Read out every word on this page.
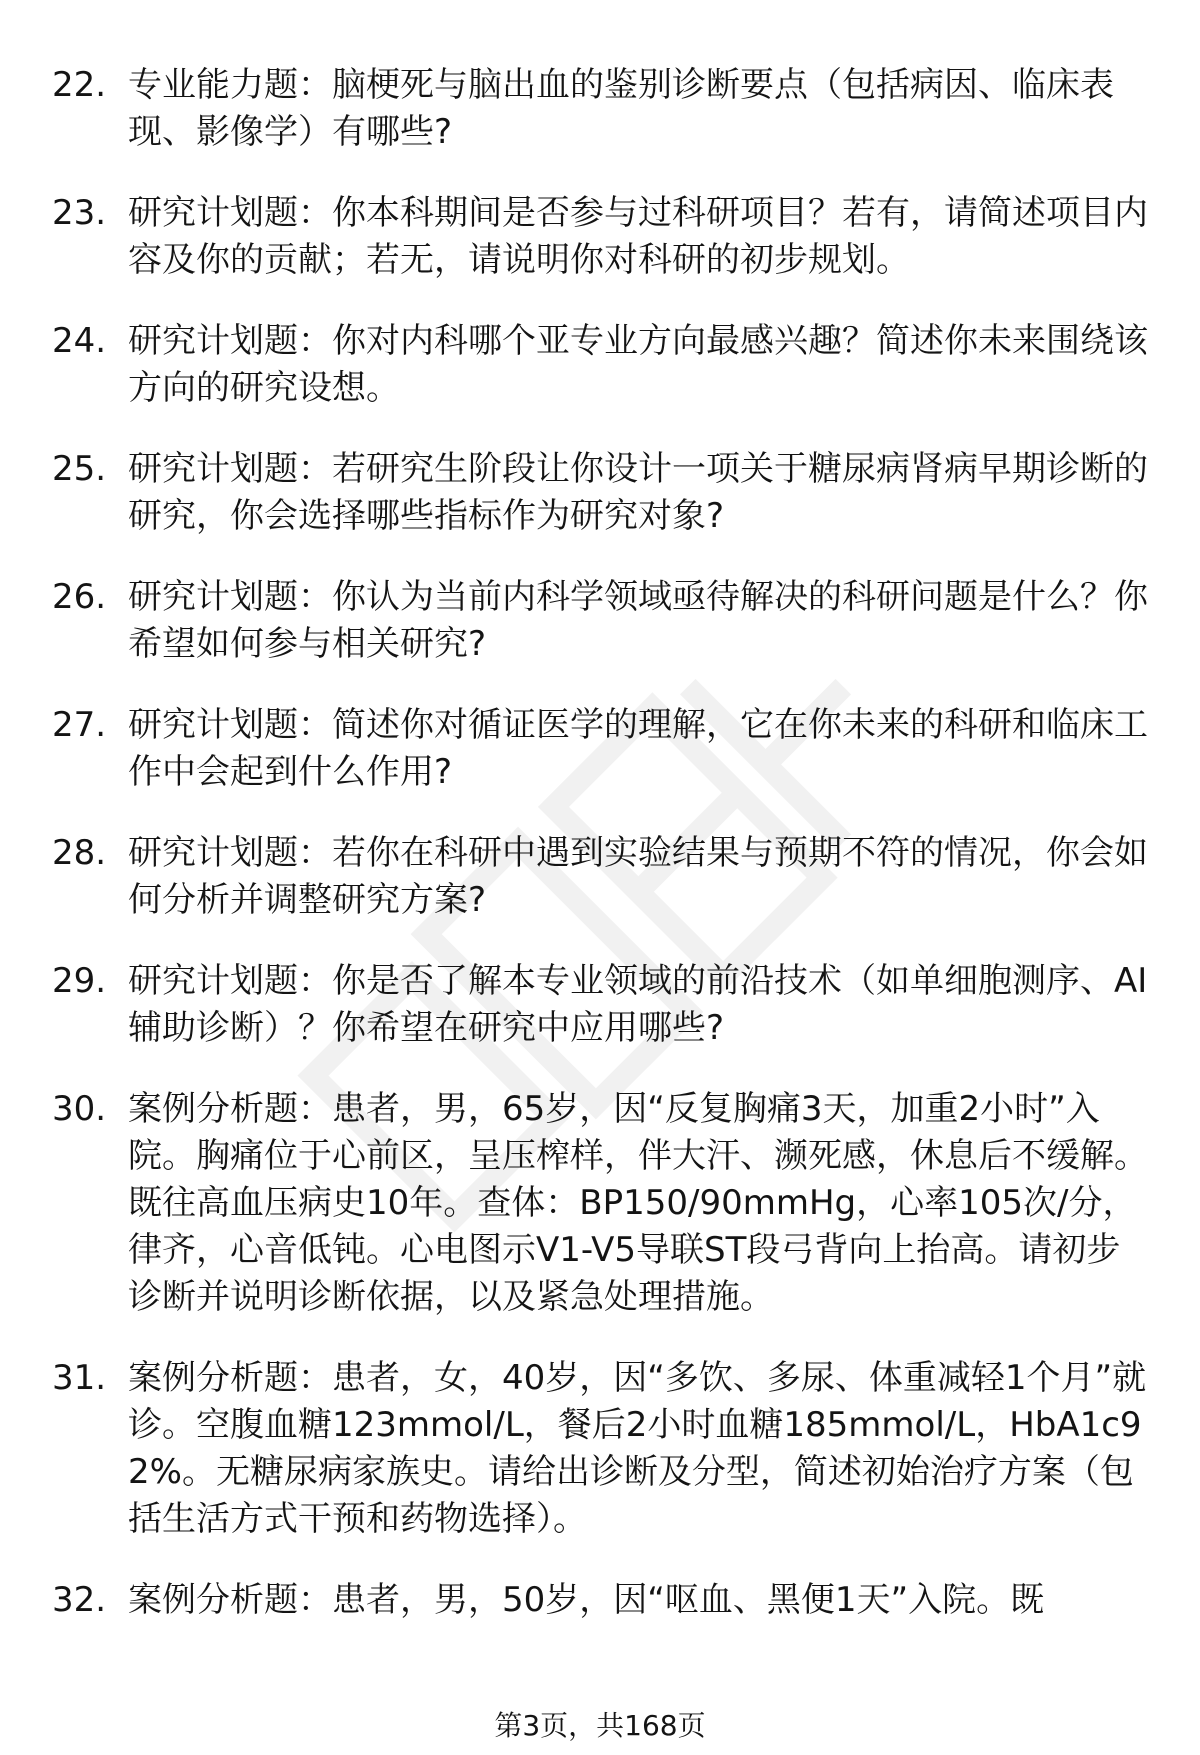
22. 专业能力题：脑梗死与脑出血的鉴别诊断要点（包括病因、临床表现、影像学）有哪些?
23. 研究计划题：你本科期间是否参与过科研项目？若有，请简述项目内容及你的贡献；若无，请说明你对科研的初步规划。
24. 研究计划题：你对内科哪个亚专业方向最感兴趣？简述你未来围绕该方向的研究设想。
25. 研究计划题：若研究生阶段让你设计一项关于糖尿病肾病早期诊断的研究，你会选择哪些指标作为研究对象?
26. 研究计划题：你认为当前内科学领域亟待解决的科研问题是什么？你希望如何参与相关研究?
27. 研究计划题：简述你对循证医学的理解，它在你未来的科研和临床工作中会起到什么作用?
28. 研究计划题：若你在科研中遇到实验结果与预期不符的情况，你会如何分析并调整研究方案?
29. 研究计划题：你是否了解本专业领域的前沿技术（如单细胞测序、AI辅助诊断）？你希望在研究中应用哪些?
30. 案例分析题：患者，男，65岁，因“反复胸痛3天，加重2小时”入院。胸痛位于心前区，呈压榨样，伴大汗、濒死感，休息后不缓解。既往高血压病史10年。查体：BP150/90mmHg，心率105次/分，律齐，心音低钝。心电图示V1-V5导联ST段弓背向上抬高。请初步诊断并说明诊断依据，以及紧急处理措施。
31. 案例分析题：患者，女，40岁，因“多饮、多尿、体重减轻1个月”就诊。空腹血糖123mmol/L，餐后2小时血糖185mmol/L，HbA1c92%。无糖尿病家族史。请给出诊断及分型，简述初始治疗方案（包括生活方式干预和药物选择）。
32. 案例分析题：患者，男，50岁，因“呕血、黑便1天”入院。既
第3页，共168页
